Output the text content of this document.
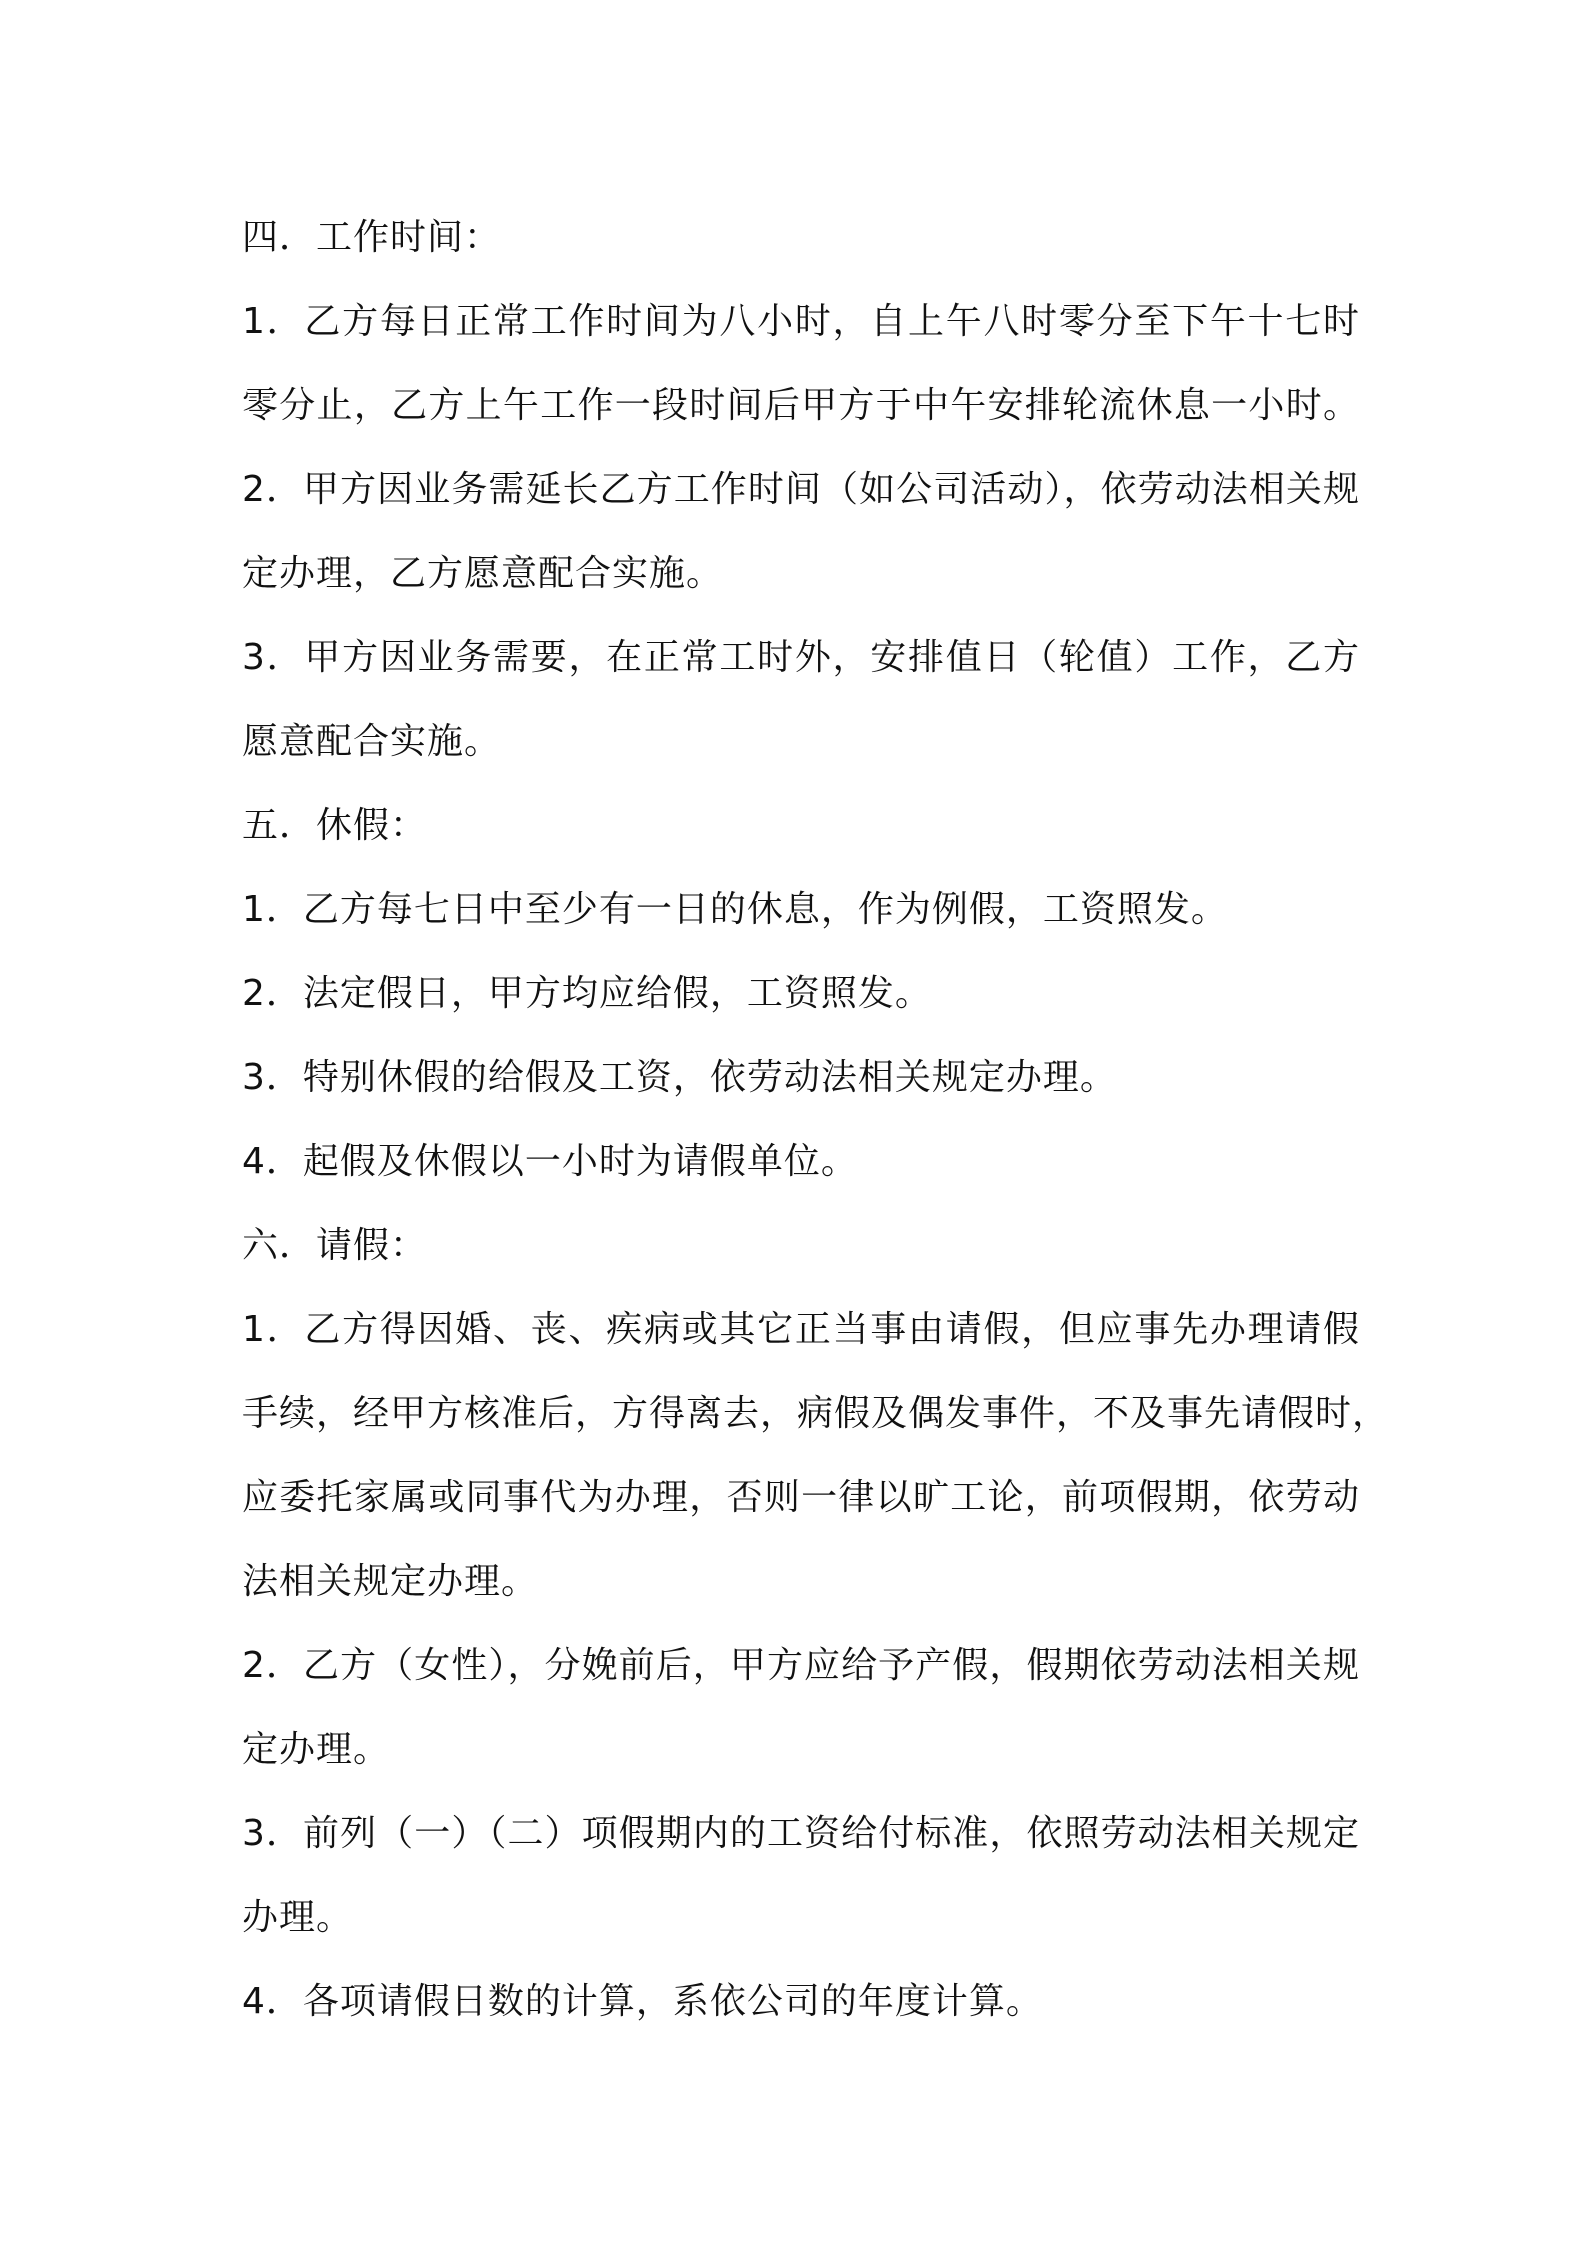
四．工作时间：
1．乙方每日正常工作时间为八小时，自上午八时零分至下午十七时
零分止，乙方上午工作一段时间后甲方于中午安排轮流休息一小时。
2．甲方因业务需延长乙方工作时间（如公司活动），依劳动法相关规
定办理，乙方愿意配合实施。
3．甲方因业务需要，在正常工时外，安排值日（轮值）工作，乙方
愿意配合实施。
五．休假：
1．乙方每七日中至少有一日的休息，作为例假，工资照发。
2．法定假日，甲方均应给假，工资照发。
3．特别休假的给假及工资，依劳动法相关规定办理。
4．起假及休假以一小时为请假单位。
六．请假：
1．乙方得因婚、丧、疾病或其它正当事由请假，但应事先办理请假
手续，经甲方核准后，方得离去，病假及偶发事件，不及事先请假时，
应委托家属或同事代为办理，否则一律以旷工论，前项假期，依劳动
法相关规定办理。
2．乙方（女性），分娩前后，甲方应给予产假，假期依劳动法相关规
定办理。
3．前列（一）（二）项假期内的工资给付标准，依照劳动法相关规定
办理。
4．各项请假日数的计算，系依公司的年度计算。
